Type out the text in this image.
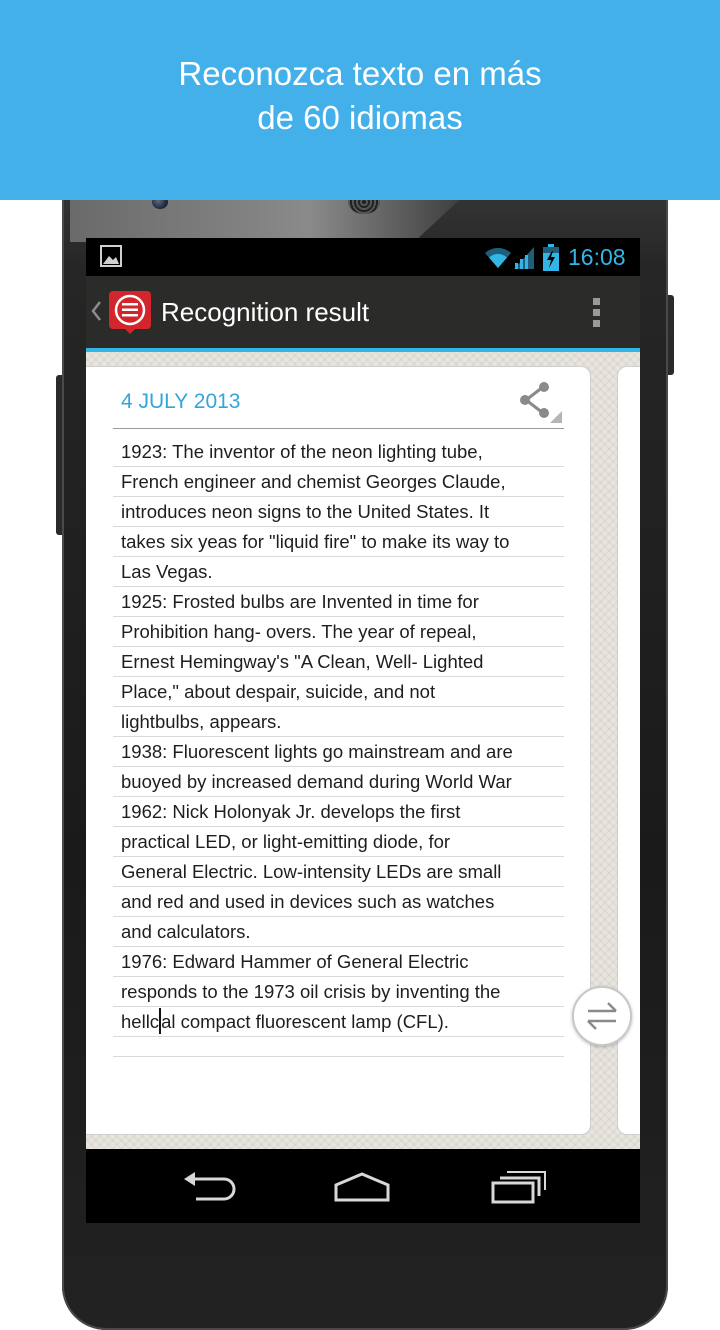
Reconozca texto en más
de 60 idiomas
16:08
Recognition result
4 JULY 2013
1923: The inventor of the neon lighting tube,
French engineer and chemist Georges Claude,
introduces neon signs to the United States. It
takes six yeas for "liquid fire" to make its way to
Las Vegas.
1925: Frosted bulbs are Invented in time for
Prohibition hang- overs. The year of repeal,
Ernest Hemingway's "A Clean, Well- Lighted
Place," about despair, suicide, and not
lightbulbs, appears.
1938: Fluorescent lights go mainstream and are
buoyed by increased demand during World War
1962: Nick Holonyak Jr. develops the first
practical LED, or light-emitting diode, for
General Electric. Low-intensity LEDs are small
and red and used in devices such as watches
and calculators.
1976: Edward Hammer of General Electric
responds to the 1973 oil crisis by inventing the
hellc al compact fluorescent lamp (CFL).
